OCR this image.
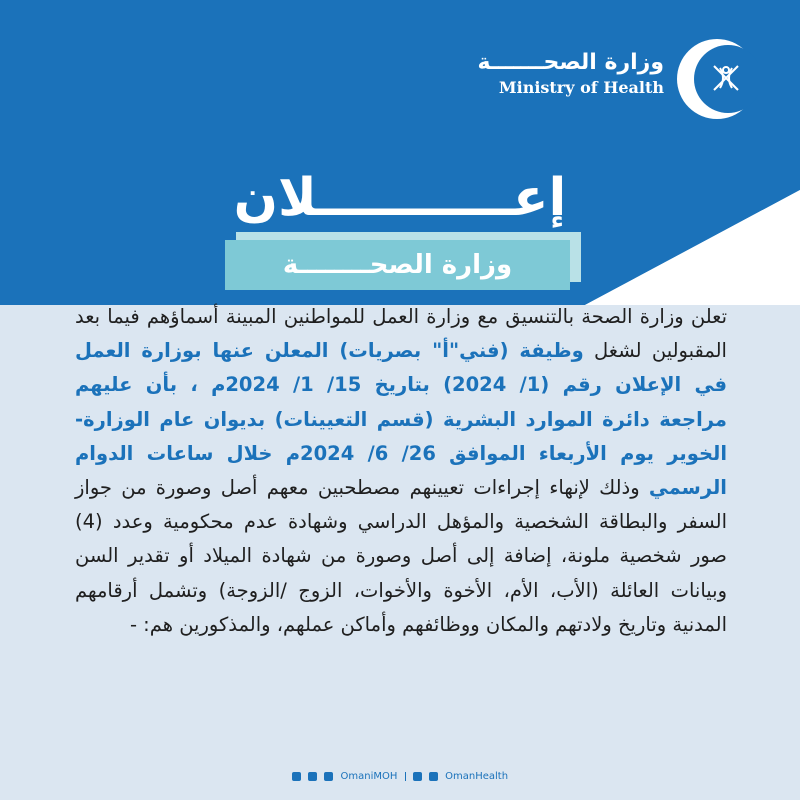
وزارة الصحـــــــة
Ministry of Health
إعـــــــــــلان
وزارة الصحــــــــة

تعلن وزارة الصحة بالتنسيق مع وزارة العمل للمواطنين المبينة أسماؤهم فيما بعد المقبولين لشغل وظيفة (فني"أ" بصريات) المعلن عنها بوزارة العمل في الإعلان رقم (1/ 2024) بتاريخ 15/ 1/ 2024م ، بأن عليهم مراجعة دائرة الموارد البشرية (قسم التعيينات) بديوان عام الوزارة- الخوير يوم الأربعاء الموافق 26/ 6/ 2024م خلال ساعات الدوام الرسمي وذلك لإنهاء إجراءات تعيينهم مصطحبين معهم أصل وصورة من جواز السفر والبطاقة الشخصية والمؤهل الدراسي وشهادة عدم محكومية وعدد (4) صور شخصية ملونة، إضافة إلى أصل وصورة من شهادة الميلاد أو تقدير السن وبيانات العائلة (الأب، الأم، الأخوة والأخوات، الزوج /الزوجة) وتشمل أرقامهم المدنية وتاريخ ولادتهم والمكان ووظائفهم وأماكن عملهم، والمذكورين هم: -

OmaniMOH	OmanHealth
